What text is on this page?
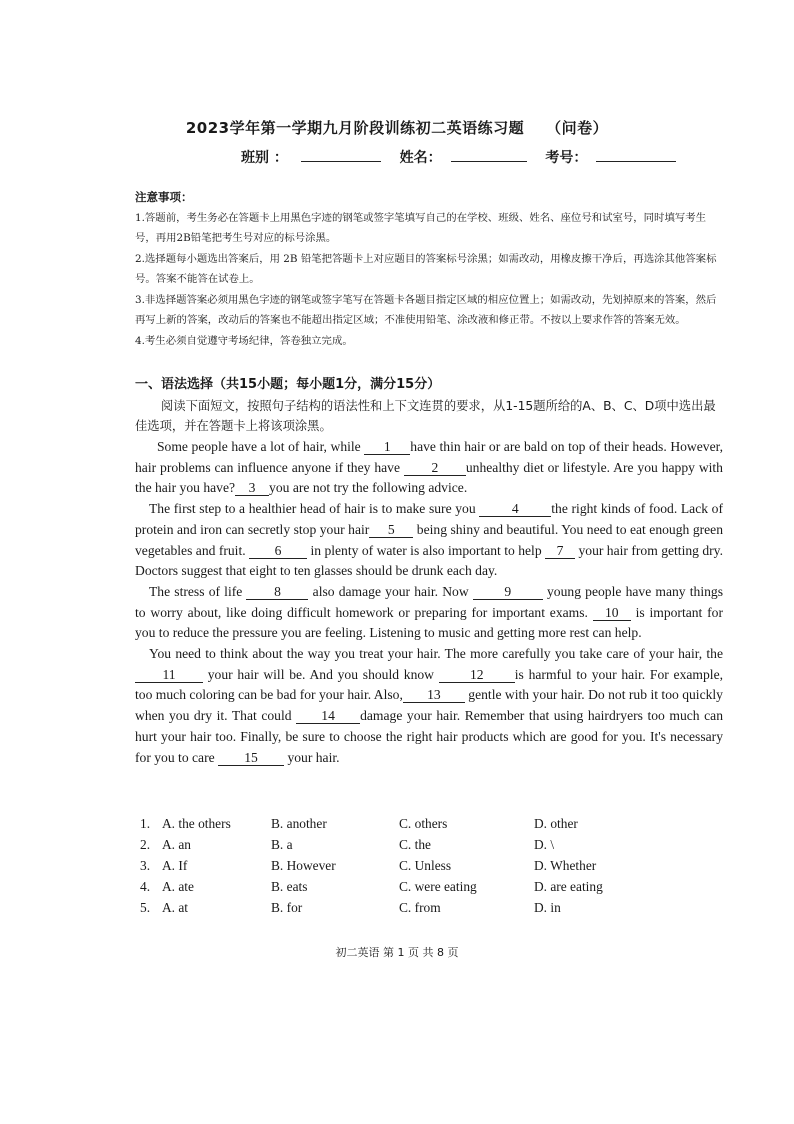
2023学年第一学期九月阶段训练初二英语练习题 （问卷）
班别 ：	姓名：	考号：
注意事项：
1.答题前，考生务必在答题卡上用黑色字迹的钢笔或签字笔填写自己的在学校、班级、姓名、座位号和试室号，同时填写考生号，再用2B铅笔把考生号对应的标号涂黑。
2.选择题每小题选出答案后，用 2B 铅笔把答题卡上对应题目的答案标号涂黑；如需改动，用橡皮擦干净后，再选涂其他答案标号。答案不能答在试卷上。
3.非选择题答案必须用黑色字迹的钢笔或签字笔写在答题卡各题目指定区域的相应位置上；如需改动，先划掉原来的答案，然后再写上新的答案，改动后的答案也不能超出指定区域；不准使用铅笔、涂改液和修正带。不按以上要求作答的答案无效。
4.考生必须自觉遵守考场纪律，答卷独立完成。
一、语法选择（共15小题；每小题1分，满分15分）
阅读下面短文，按照句子结构的语法性和上下文连贯的要求，从1-15题所给的A、B、C、D项中选出最佳选项，并在答题卡上将该项涂黑。

Some people have a lot of hair, while 1 have thin hair or are bald on top of their heads. However, hair problems can influence anyone if they have 2 unhealthy diet or lifestyle. Are you happy with the hair you have? 3 you are not try the following advice.

The first step to a healthier head of hair is to make sure you 4 the right kinds of food. Lack of protein and iron can secretly stop your hair 5 being shiny and beautiful. You need to eat enough green vegetables and fruit. 6 in plenty of water is also important to help 7 your hair from getting dry. Doctors suggest that eight to ten glasses should be drunk each day.

The stress of life 8 also damage your hair. Now 9 young people have many things to worry about, like doing difficult homework or preparing for important exams. 10 is important for you to reduce the pressure you are feeling. Listening to music and getting more rest can help.

You need to think about the way you treat your hair. The more carefully you take care of your hair, the11 your hair will be. And you should know 12 is harmful to your hair. For example, too much coloring can be bad for your hair. Also, 13 gentle with your hair. Do not rub it too quickly when you dry it. That could 14 damage your hair. Remember that using hairdryers too much can hurt your hair too. Finally, be sure to choose the right hair products which are good for you. It's necessary for you to care 15 your hair.

1. A. the others	B. another	C. others	D. other
2. A. an	B. a	C. the	D. \
3. A. If	B. However	C. Unless	D. Whether
4. A. ate	B. eats	C. were eating	D. are eating
5. A. at	B. for	C. from	D. in
初二英语 第 1 页 共 8 页
